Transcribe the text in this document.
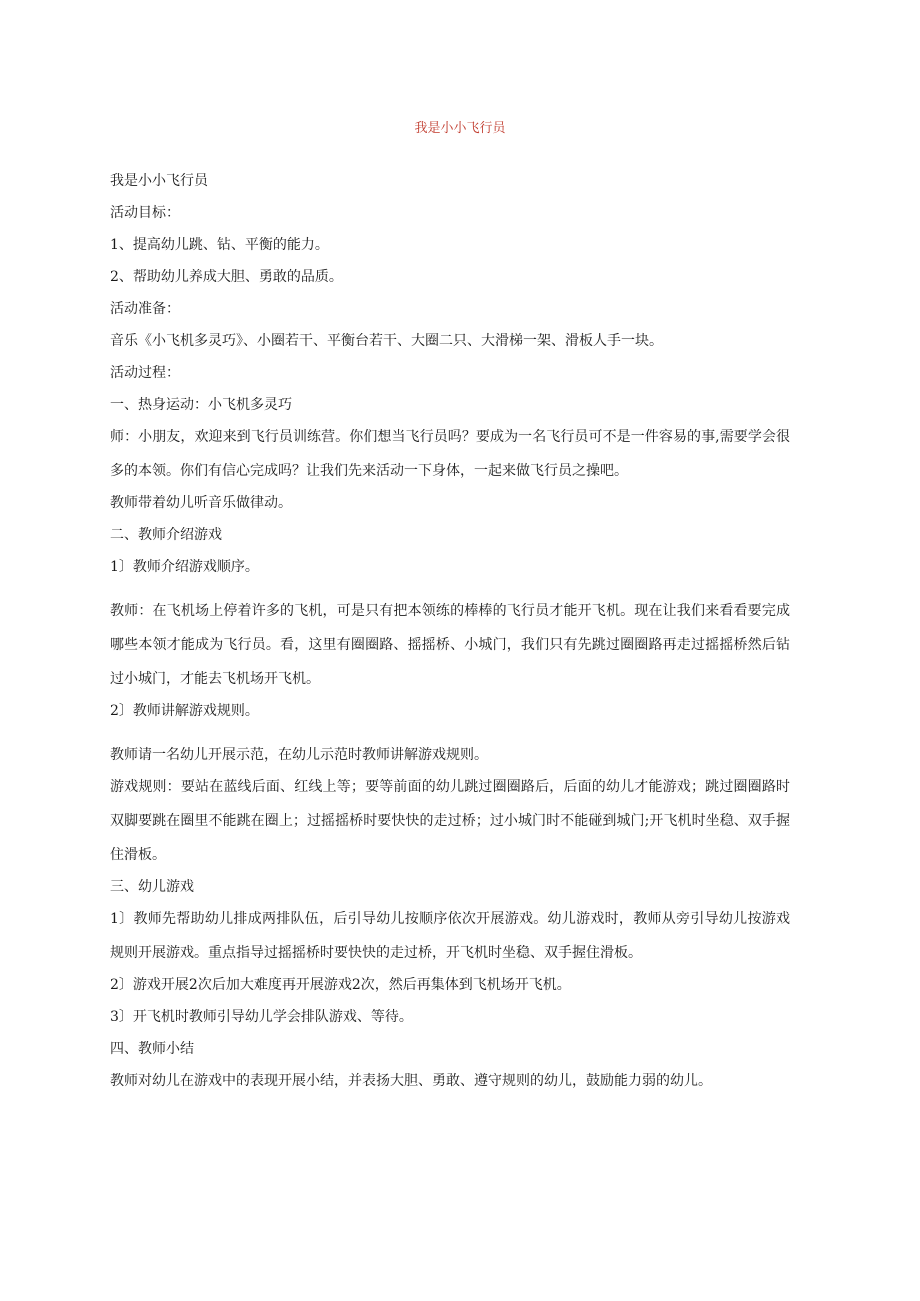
我是小小飞行员

我是小小飞行员

活动目标：

1、提高幼儿跳、钻、平衡的能力。

2、帮助幼儿养成大胆、勇敢的品质。

活动准备：

音乐《小飞机多灵巧》、小圈若干、平衡台若干、大圈二只、大滑梯一架、滑板人手一块。

活动过程：

一、热身运动：小飞机多灵巧

师：小朋友，欢迎来到飞行员训练营。你们想当飞行员吗？要成为一名飞行员可不是一件容易的事,需要学会很多的本领。你们有信心完成吗？让我们先来活动一下身体，一起来做飞行员之操吧。

教师带着幼儿听音乐做律动。

二、教师介绍游戏

1〕教师介绍游戏顺序。

教师：在飞机场上停着许多的飞机，可是只有把本领练的棒棒的飞行员才能开飞机。现在让我们来看看要完成哪些本领才能成为飞行员。看，这里有圈圈路、摇摇桥、小城门，我们只有先跳过圈圈路再走过摇摇桥然后钻过小城门，才能去飞机场开飞机。

2〕教师讲解游戏规则。

教师请一名幼儿开展示范，在幼儿示范时教师讲解游戏规则。

游戏规则：要站在蓝线后面、红线上等；要等前面的幼儿跳过圈圈路后，后面的幼儿才能游戏；跳过圈圈路时双脚要跳在圈里不能跳在圈上；过摇摇桥时要快快的走过桥；过小城门时不能碰到城门;开飞机时坐稳、双手握住滑板。

三、幼儿游戏

1〕教师先帮助幼儿排成两排队伍，后引导幼儿按顺序依次开展游戏。幼儿游戏时，教师从旁引导幼儿按游戏规则开展游戏。重点指导过摇摇桥时要快快的走过桥，开飞机时坐稳、双手握住滑板。

2〕游戏开展2次后加大难度再开展游戏2次，然后再集体到飞机场开飞机。

3〕开飞机时教师引导幼儿学会排队游戏、等待。

四、教师小结

教师对幼儿在游戏中的表现开展小结，并表扬大胆、勇敢、遵守规则的幼儿，鼓励能力弱的幼儿。
